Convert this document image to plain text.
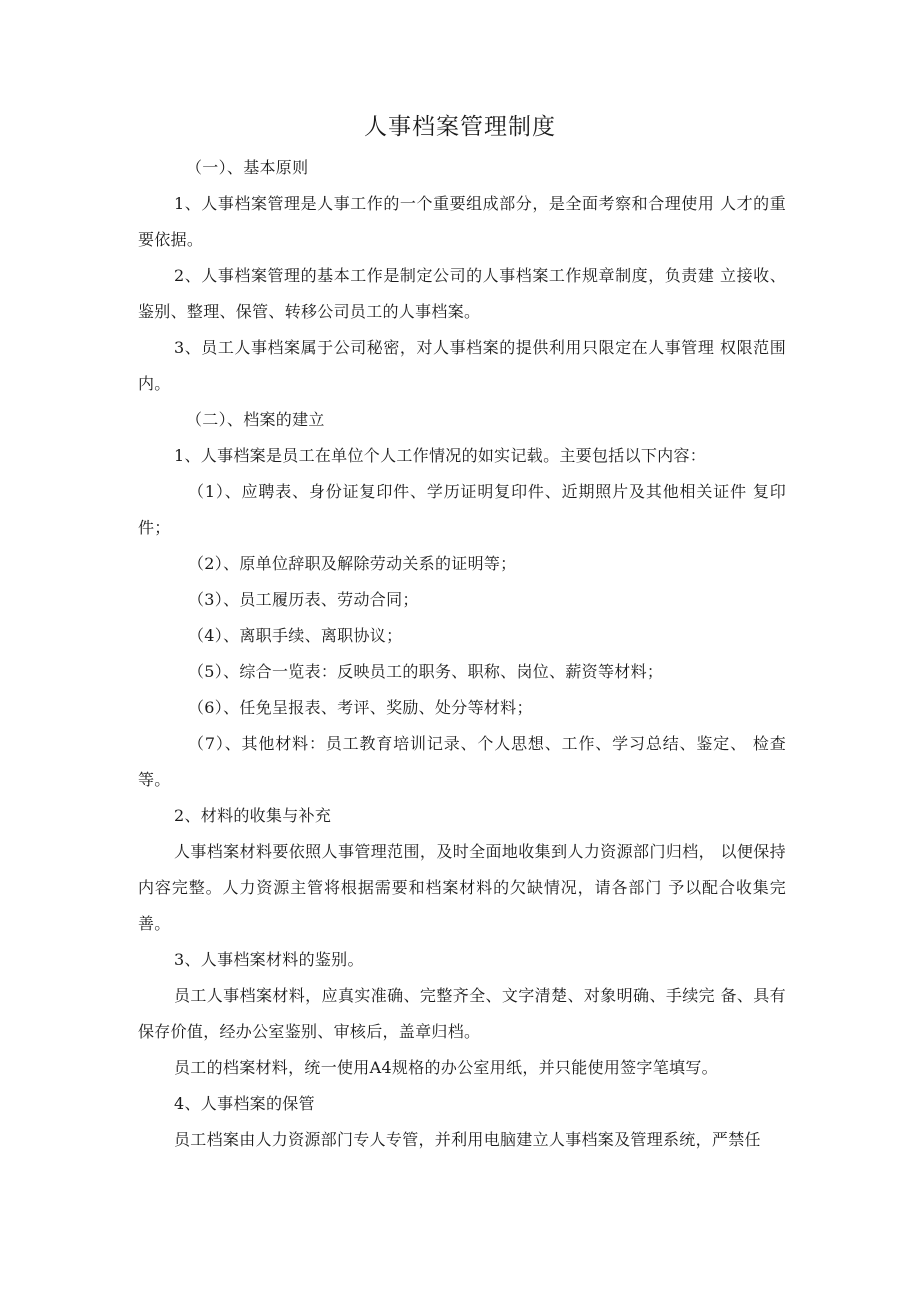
人事档案管理制度

（一）、基本原则

1、人事档案管理是人事工作的一个重要组成部分，是全面考察和合理使用 人才的重要依据。

2、人事档案管理的基本工作是制定公司的人事档案工作规章制度，负责建 立接收、鉴别、整理、保管、转移公司员工的人事档案。

3、员工人事档案属于公司秘密，对人事档案的提供利用只限定在人事管理 权限范围内。

（二）、档案的建立

1、人事档案是员工在单位个人工作情况的如实记载。主要包括以下内容：

（1）、应聘表、身份证复印件、学历证明复印件、近期照片及其他相关证件 复印件；

（2）、原单位辞职及解除劳动关系的证明等；

（3）、员工履历表、劳动合同；

（4）、离职手续、离职协议；

（5）、综合一览表：反映员工的职务、职称、岗位、薪资等材料；

（6）、任免呈报表、考评、奖励、处分等材料；

（7）、其他材料：员工教育培训记录、个人思想、工作、学习总结、鉴定、 检查等。

2、材料的收集与补充

人事档案材料要依照人事管理范围，及时全面地收集到人力资源部门归档， 以便保持内容完整。人力资源主管将根据需要和档案材料的欠缺情况，请各部门 予以配合收集完善。

3、人事档案材料的鉴别。

员工人事档案材料，应真实准确、完整齐全、文字清楚、对象明确、手续完 备、具有保存价值，经办公室鉴别、审核后，盖章归档。

员工的档案材料，统一使用A4规格的办公室用纸，并只能使用签字笔填写。

4、人事档案的保管

员工档案由人力资源部门专人专管，并利用电脑建立人事档案及管理系统，严禁任
